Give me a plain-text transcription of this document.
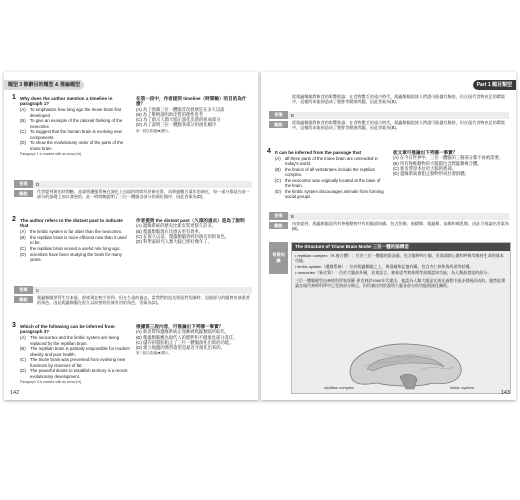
題型 3 修辭目的題型 & 推論題型
1 Why does the author mention a timeline in paragraph 1?
(A) To emphasize how long ago the triune brain first developed
(B) To give an example of the rational thinking of the neocortex
(C) To suggest that the human brain is evolving new components
(D) To show the evolutionary order of the parts of the triune brain
Paragraph 1 is marked with an arrow [➡].
在第一段中，作者提到 timeline（時間軸）的目的為什麼？
(A) 為了強調三位一體腦首次發展是在多久以前
(B) 為了舉例說明新皮質的理性思考
(C) 為了暗示人類大腦正演化出新的組成部分
(D) 為了說明三位一體腦各部分的演化順序
第一段以箭頭[➡]標示。
答案	D
解說	作者提到演化時間軸，並說明邊緣系統在演化上出現的時間早於新皮質，而經過數百萬年的演化，每一部分都是在前一部分的基礎上加以發展的。此一時間軸說明了三位一體腦各部分的演化順序，因此答案為(D)。
2 The author refers to the distant past to indicate that
(A) the limbic system is far older than the neocortex.
(B) the reptilian brain is more efficient now than it used to be.
(C) the reptilian brain served a useful role long ago.
(D) scientists have been studying the brain for many years.
作者提到 the distant past（久遠的過去）是為了說明
(A) 邊緣系統的歷史比新皮質更悠久許多。
(B) 爬蟲類腦現在比過去更有效率。
(C) 在很久以前，爬蟲類腦曾經扮演有用的角色。
(D) 科學家研究人類大腦已經好幾年了。
答案	C
解說	爬蟲類腦掌管生存本能，即使現在較少用到，但在久遠的過去，當我們的祖先要面對危險時，這個部分的腦曾扮演重要的角色。因此爬蟲類腦在很久以前曾經扮演有用的角色，答案為(C)。
3 Which of the following can be inferred from paragraph 3?
(A) The neocortex and the limbic system are being replaced by the reptilian brain.
(B) The reptilian brain is partially responsible for modern obesity and poor health.
(C) The triune brain was prevented from evolving new functions by reserves of fat.
(D) The powerful desire to establish territory is a recent evolutionary development.
Paragraph 3 is marked with an arrow [➡].
根據第三段內容，可推論出下列哪一事實？
(A) 新皮質和邊緣系統正逐漸被爬蟲類腦所取代。
(B) 爬蟲類腦應為現代人的肥胖和不健康負部分責任。
(C) 儲存的脂肪阻止了三位一體腦演化出新的功能。
(D) 建立地盤的強烈欲望是最近才演化出來的。
第三段以箭頭[➡]標示。
142
Part 1 題目類型
從爬蟲類腦對飲食的影響推論：在食物匱乏的遠古時代，爬蟲類腦促使人們盡可能儲存脂肪，但在現代食物充足的環境中，這樣的本能卻造成了肥胖等健康問題，因此答案為(B)。
答案	B
解說	從爬蟲類腦對飲食的影響推論：在食物匱乏的遠古時代，爬蟲類腦促使人們盡可能儲存脂肪，但在現代食物充足的環境中，這樣的本能卻造成了肥胖等健康問題，因此答案為(B)。
4 It can be inferred from the passage that
(A) all three parts of the triune brain are unneeded in today's world.
(B) the brains of all vertebrates include the reptilian complex.
(C) the neocortex was originally located at the base of the brain.
(D) the limbic system discourages animals from forming social groups.
從文章可推論出下列哪一事實？
(A) 在今日世界中，三位一體腦的三個部分都不再被需要。
(B) 所有脊椎動物的大腦都包含爬蟲類複合體。
(C) 新皮質原本位於大腦的底部。
(D) 邊緣系統會阻止動物形成社會群體。
答案	B
解說	內容提到，爬蟲類腦是所有脊椎動物共有的腦部結構，包含魚類、兩棲類、爬蟲類、鳥類和哺乳類，因此可推論出答案為(B)。
背景知識
The Structure of Triune Brain Model 三位一體的腦構造
• reptilian complex（R-複合體）：位於三位一體腦的最深處，包含腦幹和小腦，負責調節心跳和呼吸等維持生命的基本功能。
• limbic system（邊緣系統）：位於爬蟲類腦之上，與情緒和記憶有關，包含杏仁核和海馬迴等結構。
• neocortex（新皮質）：位於大腦最外層，負責語言、抽象思考和推理等高階認知功能，為人類最發達的部分。
三位一體腦模型由神經科學家保羅·麥克林於1960年代提出，他認為人類大腦是在演化過程中逐步發展而成的。雖然此理論在現代神經科學中已受到部分修正，但仍廣泛用於說明大腦各部分的功能與演化關係。
reptilian complex	limbic system
143
